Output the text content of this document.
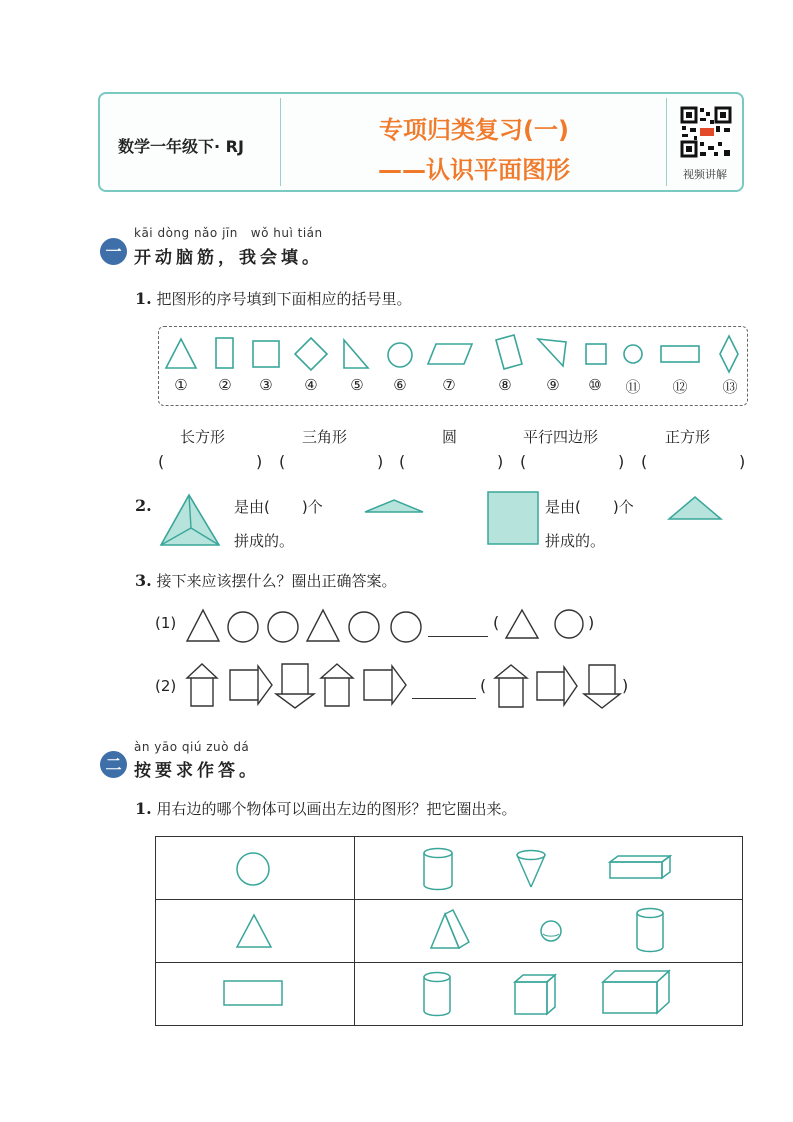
数学一年级下· RJ
专项归类复习(一)
——认识平面图形	视频讲解
kāi dòng nǎo jīn   wǒ huì tián
一 开动脑筋，我会填。
1. 把图形的序号填到下面相应的括号里。
①	②	③	④	⑤	⑥	⑦	⑧	⑨	⑩	⑪	⑫	⑬
长方形	三角形	圆	平行四边形	正方形
(	) (	) (	) (	) (	)
2.	是由( )个
拼成的。
是由( )个
拼成的。
3. 接下来应该摆什么？圈出正确答案。
(1)	(	)
(2)	(	)
àn yāo qiú zuò dá
二 按要求作答。
1. 用右边的哪个物体可以画出左边的图形？把它圈出来。
